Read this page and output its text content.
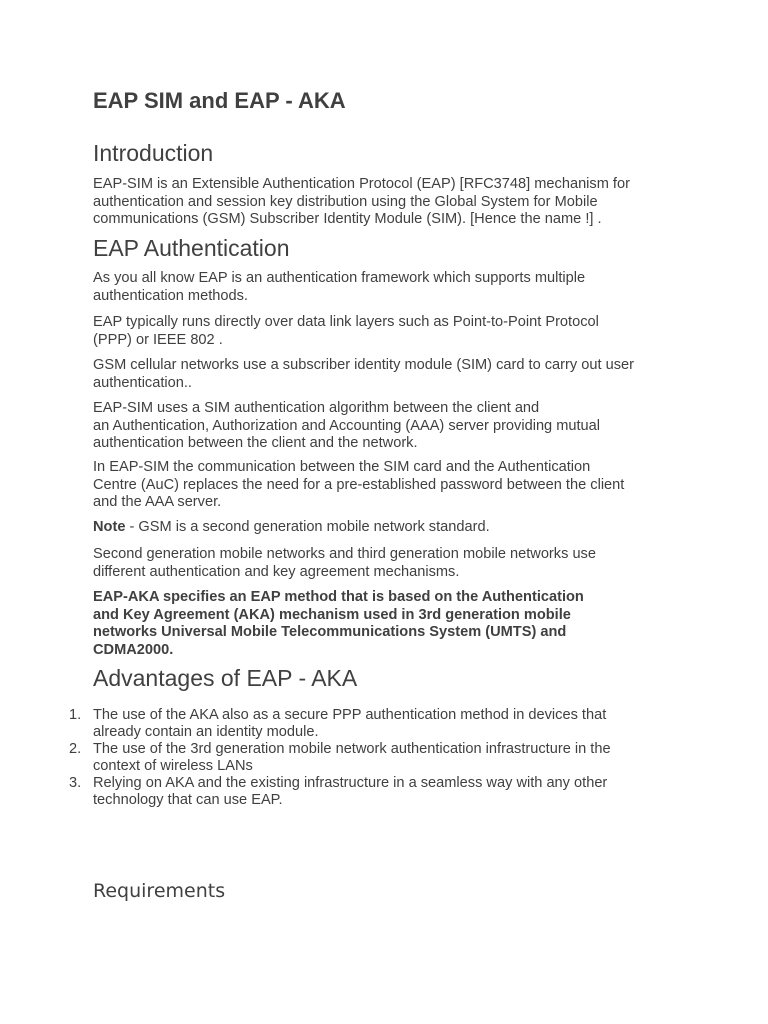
EAP SIM and EAP - AKA
Introduction
EAP-SIM is an Extensible Authentication Protocol (EAP) [RFC3748] mechanism for
authentication and session key distribution using the Global System for Mobile
communications (GSM) Subscriber Identity Module (SIM). [Hence the name !] .
EAP Authentication
As you all know EAP is an authentication framework which supports multiple
authentication methods.
EAP typically runs directly over data link layers such as Point-to-Point Protocol
(PPP) or IEEE 802 .
GSM cellular networks use a subscriber identity module (SIM) card to carry out user
authentication..
EAP-SIM uses a SIM authentication algorithm between the client and
an Authentication, Authorization and Accounting (AAA) server providing mutual
authentication between the client and the network.
In EAP-SIM the communication between the SIM card and the Authentication
Centre (AuC) replaces the need for a pre-established password between the client
and the AAA server.
Note - GSM is a second generation mobile network standard.
Second generation mobile networks and third generation mobile networks use
different authentication and key agreement mechanisms.
EAP-AKA specifies an EAP method that is based on the Authentication
and Key Agreement (AKA) mechanism used in 3rd generation mobile
networks Universal Mobile Telecommunications System (UMTS) and
CDMA2000.
Advantages of EAP - AKA
1. The use of the AKA also as a secure PPP authentication method in devices that
already contain an identity module.
2. The use of the 3rd generation mobile network authentication infrastructure in the
context of wireless LANs
3. Relying on AKA and the existing infrastructure in a seamless way with any other
technology that can use EAP.
Requirements
